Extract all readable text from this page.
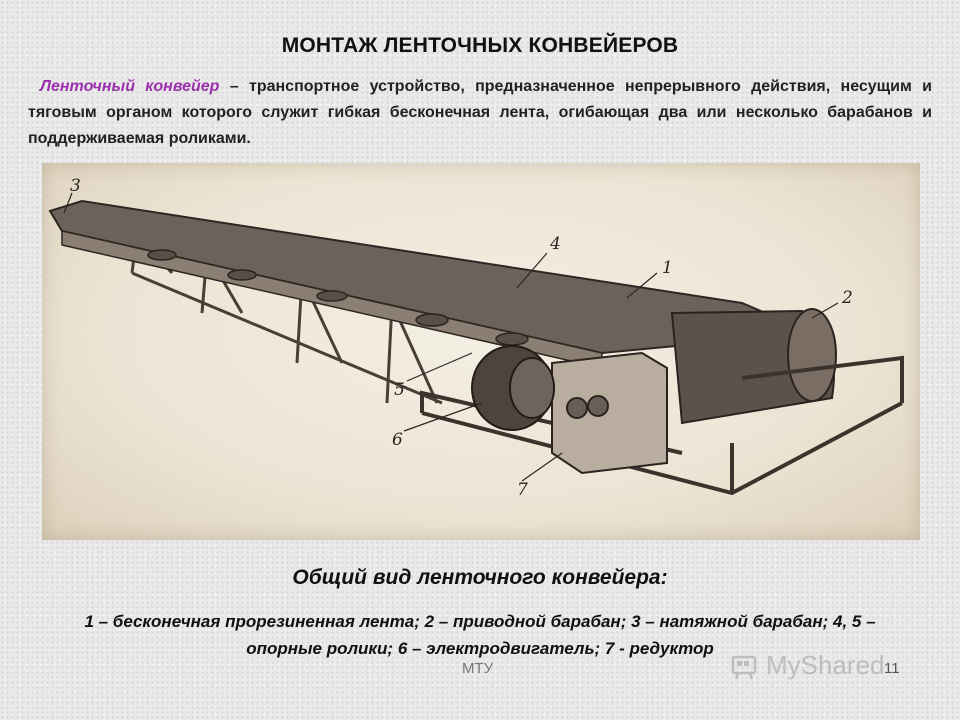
МОНТАЖ ЛЕНТОЧНЫХ КОНВЕЙЕРОВ
Ленточный конвейер – транспортное устройство, предназначенное непрерывного действия, несущим и тяговым органом которого служит гибкая бесконечная лента, огибающая два или несколько барабанов и поддерживаемая роликами.
1
2
3
4
5
6
7
Общий вид ленточного конвейера:
1 – бесконечная прорезиненная лента; 2 – приводной барабан; 3 – натяжной барабан; 4, 5 – опорные ролики; 6 – электродвигатель; 7 - редуктор
МТУ	MyShared 11
